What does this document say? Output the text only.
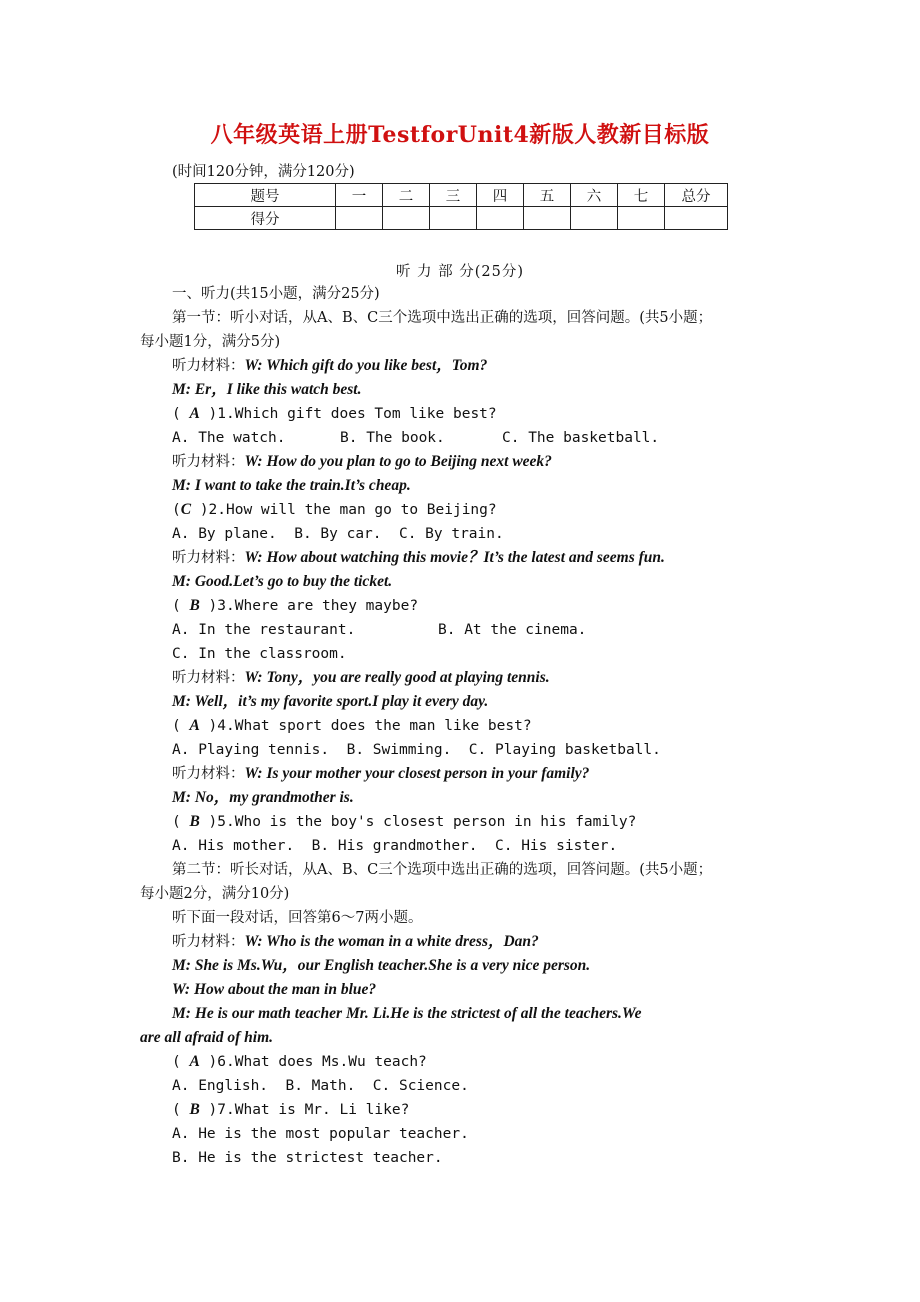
八年级英语上册TestforUnit4新版人教新目标版
(时间120分钟，满分120分)
题号	一	二	三	四	五	六	七	总分
得分								
听 力 部 分(25分)
一、听力(共15小题，满分25分)
第一节：听小对话，从A、B、C三个选项中选出正确的选项，回答问题。(共5小题；
每小题1分，满分5分)
听力材料：W: Which gift do you like best，Tom?
M: Er，I like this watch best.
( A )1.Which gift does Tom like best?
A. The watch.	B. The book.	C. The basketball.
听力材料：W: How do you plan to go to Beijing next week?
M: I want to take the train.It’s cheap.
(C )2.How will the man go to Beijing?
A. By plane.  B. By car.  C. By train.
听力材料：W: How about watching this movie？It’s the latest and seems fun.
M: Good.Let’s go to buy the ticket.
( B )3.Where are they maybe?
A. In the restaurant.	B. At the cinema.
C. In the classroom.
听力材料：W: Tony，you are really good at playing tennis.
M: Well，it’s my favorite sport.I play it every day.
( A )4.What sport does the man like best?
A. Playing tennis.  B. Swimming.  C. Playing basketball.
听力材料：W: Is your mother your closest person in your family?
M: No，my grandmother is.
( B )5.Who is the boy's closest person in his family?
A. His mother.  B. His grandmother.  C. His sister.
第二节：听长对话，从A、B、C三个选项中选出正确的选项，回答问题。(共5小题；
每小题2分，满分10分)
听下面一段对话，回答第6～7两小题。
听力材料：W: Who is the woman in a white dress，Dan?
M: She is Ms.Wu，our English teacher.She is a very nice person.
W: How about the man in blue?
M: He is our math teacher Mr. Li.He is the strictest of all the teachers.We
are all afraid of him.
( A )6.What does Ms.Wu teach?
A. English.  B. Math.  C. Science.
( B )7.What is Mr. Li like?
A. He is the most popular teacher.
B. He is the strictest teacher.
